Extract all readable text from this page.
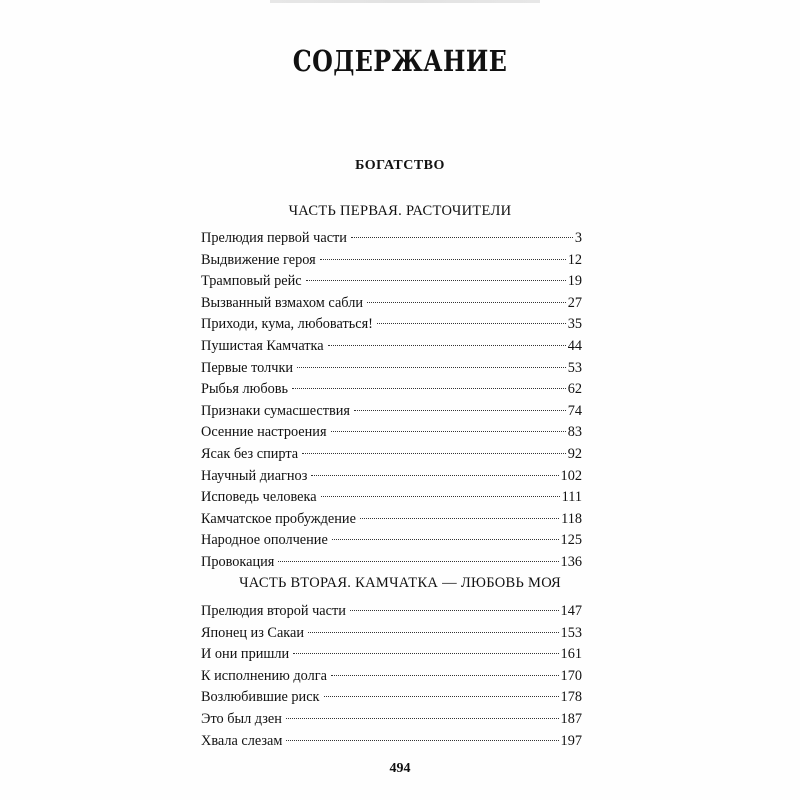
СОДЕРЖАНИЕ
БОГАТСТВО
ЧАСТЬ ПЕРВАЯ. РАСТОЧИТЕЛИ
Прелюдия первой части	3
Выдвижение героя	12
Трамповый рейс	19
Вызванный взмахом сабли	27
Приходи, кума, любоваться!	35
Пушистая Камчатка	44
Первые толчки	53
Рыбья любовь	62
Признаки сумасшествия	74
Осенние настроения	83
Ясак без спирта	92
Научный диагноз	102
Исповедь человека	111
Камчатское пробуждение	118
Народное ополчение	125
Провокация	136
ЧАСТЬ ВТОРАЯ. КАМЧАТКА — ЛЮБОВЬ МОЯ
Прелюдия второй части	147
Японец из Сакаи	153
И они пришли	161
К исполнению долга	170
Возлюбившие риск	178
Это был дзен	187
Хвала слезам	197
494
